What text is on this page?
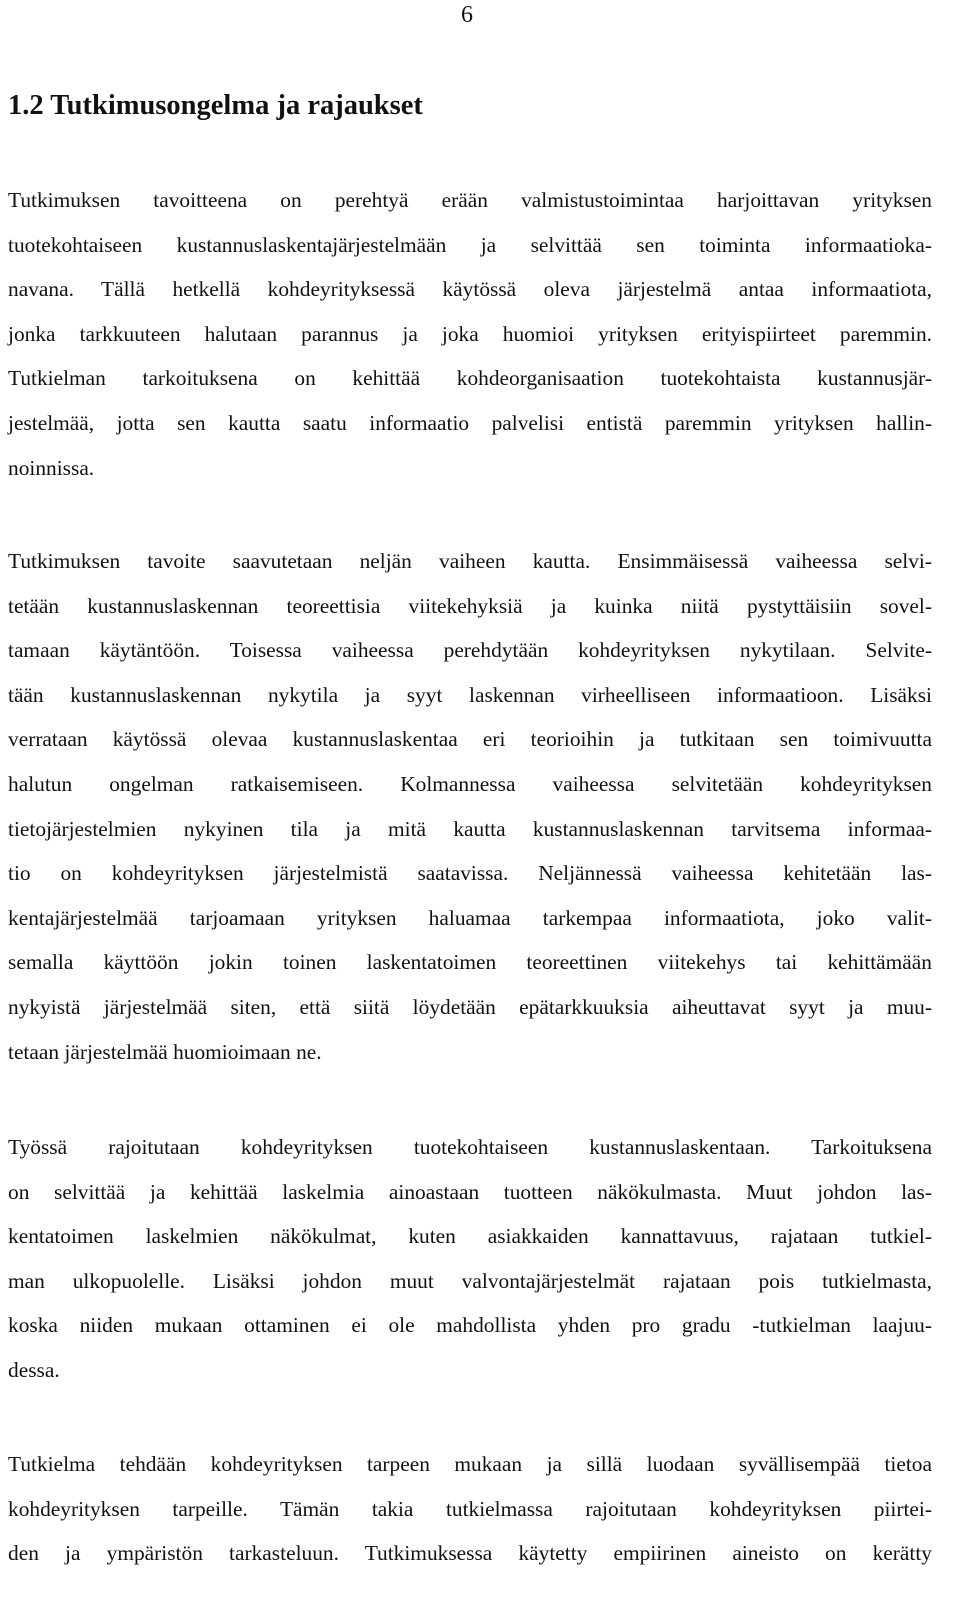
6
1.2 Tutkimusongelma ja rajaukset
Tutkimuksen tavoitteena on perehtyä erään valmistustoimintaa harjoittavan yrityksen
tuotekohtaiseen kustannuslaskentajärjestelmään ja selvittää sen toiminta informaatioka-
navana. Tällä hetkellä kohdeyrityksessä käytössä oleva järjestelmä antaa informaatiota,
jonka tarkkuuteen halutaan parannus ja joka huomioi yrityksen erityispiirteet paremmin.
Tutkielman tarkoituksena on kehittää kohdeorganisaation tuotekohtaista kustannusjär-
jestelmää, jotta sen kautta saatu informaatio palvelisi entistä paremmin yrityksen hallin-
noinnissa.
Tutkimuksen tavoite saavutetaan neljän vaiheen kautta. Ensimmäisessä vaiheessa selvi-
tetään kustannuslaskennan teoreettisia viitekehyksiä ja kuinka niitä pystyttäisiin sovel-
tamaan käytäntöön. Toisessa vaiheessa perehdytään kohdeyrityksen nykytilaan. Selvite-
tään kustannuslaskennan nykytila ja syyt laskennan virheelliseen informaatioon. Lisäksi
verrataan käytössä olevaa kustannuslaskentaa eri teorioihin ja tutkitaan sen toimivuutta
halutun ongelman ratkaisemiseen. Kolmannessa vaiheessa selvitetään kohdeyrityksen
tietojärjestelmien nykyinen tila ja mitä kautta kustannuslaskennan tarvitsema informaa-
tio on kohdeyrityksen järjestelmistä saatavissa. Neljännessä vaiheessa kehitetään las-
kentajärjestelmää tarjoamaan yrityksen haluamaa tarkempaa informaatiota, joko valit-
semalla käyttöön jokin toinen laskentatoimen teoreettinen viitekehys tai kehittämään
nykyistä järjestelmää siten, että siitä löydetään epätarkkuuksia aiheuttavat syyt ja muu-
tetaan järjestelmää huomioimaan ne.
Työssä rajoitutaan kohdeyrityksen tuotekohtaiseen kustannuslaskentaan. Tarkoituksena
on selvittää ja kehittää laskelmia ainoastaan tuotteen näkökulmasta. Muut johdon las-
kentatoimen laskelmien näkökulmat, kuten asiakkaiden kannattavuus, rajataan tutkiel-
man ulkopuolelle. Lisäksi johdon muut valvontajärjestelmät rajataan pois tutkielmasta,
koska niiden mukaan ottaminen ei ole mahdollista yhden pro gradu -tutkielman laajuu-
dessa.
Tutkielma tehdään kohdeyrityksen tarpeen mukaan ja sillä luodaan syvällisempää tietoa
kohdeyrityksen tarpeille. Tämän takia tutkielmassa rajoitutaan kohdeyrityksen piirtei-
den ja ympäristön tarkasteluun. Tutkimuksessa käytetty empiirinen aineisto on kerätty
